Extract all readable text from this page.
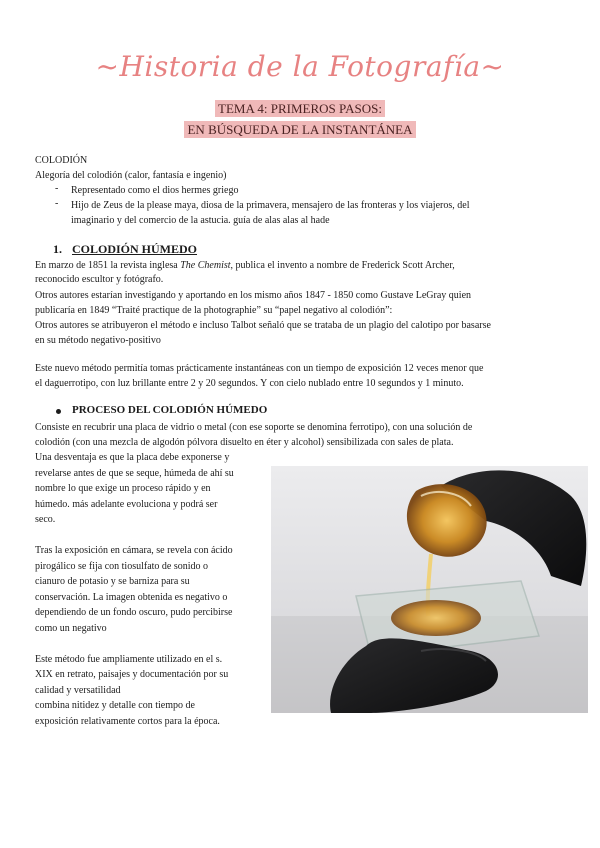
~Historia de la Fotografía~
TEMA 4: PRIMEROS PASOS:
EN BÚSQUEDA DE LA INSTANTÁNEA
COLODIÓN
Alegoría del colodión (calor, fantasía e ingenio)
- Representado como el dios hermes griego
- Hijo de Zeus de la please maya, diosa de la primavera, mensajero de las fronteras y los viajeros, del
imaginario y del comercio de la astucia. guía de alas alas al hade
1. COLODIÓN HÚMEDO
En marzo de 1851 la revista inglesa The Chemist, publica el invento a nombre de Frederick Scott Archer,
reconocido escultor y fotógrafo.
Otros autores estarían investigando y aportando en los mismo años 1847 - 1850 como Gustave LeGray quien
publicaría en 1849 “Traité practique de la photographie” su “papel negativo al colodión”:
Otros autores se atribuyeron el método e incluso Talbot señaló que se trataba de un plagio del calotipo por basarse
en su método negativo-positivo
Este nuevo método permitía tomas prácticamente instantáneas con un tiempo de exposición 12 veces menor que
el daguerrotipo, con luz brillante entre 2 y 20 segundos. Y con cielo nublado entre 10 segundos y 1 minuto.
PROCESO DEL COLODIÓN HÚMEDO
Consiste en recubrir una placa de vidrio o metal (con ese soporte se denomina ferrotipo), con una solución de
colodión (con una mezcla de algodón pólvora disuelto en éter y alcohol) sensibilizada con sales de plata.
Una desventaja es que la placa debe exponerse y
revelarse antes de que se seque, húmeda de ahí su
nombre lo que exige un proceso rápido y en
húmedo. más adelante evoluciona y podrá ser
seco.
Tras la exposición en cámara, se revela con ácido
pirogálico se fija con tiosulfato de sonido o
cianuro de potasio y se barniza para su
conservación. La imagen obtenida es negativo o
dependiendo de un fondo oscuro, pudo percibirse
como un negativo
Este método fue ampliamente utilizado en el s.
XIX en retrato, paisajes y documentación por su
calidad y versatilidad
combina nitidez y detalle con tiempo de
exposición relativamente cortos para la época.
